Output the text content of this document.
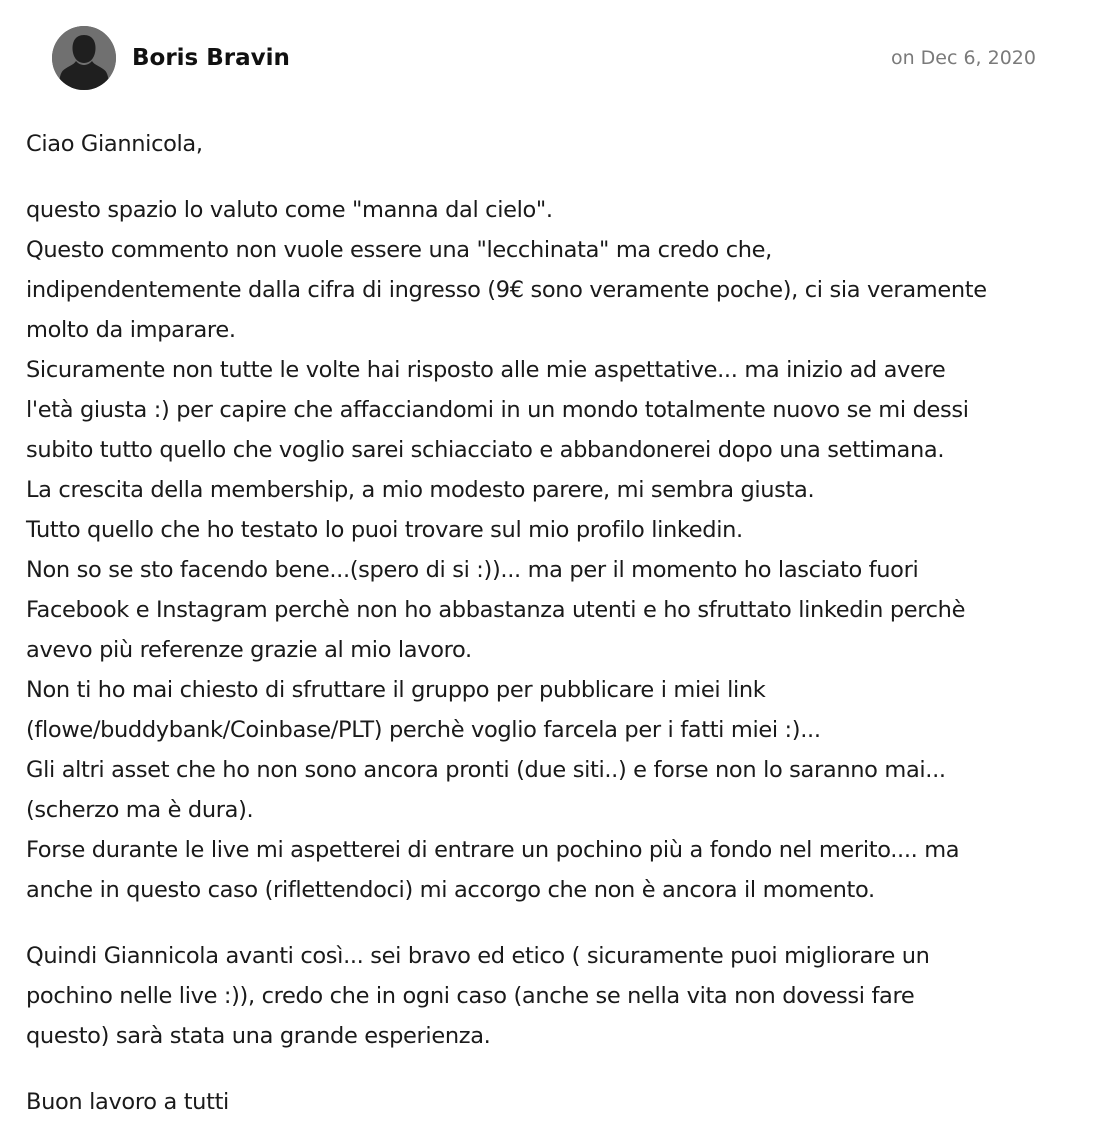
Boris Bravin	on Dec 6, 2020

Ciao Giannicola,

questo spazio lo valuto come "manna dal cielo".
Questo commento non vuole essere una "lecchinata" ma credo che,
indipendentemente dalla cifra di ingresso (9€ sono veramente poche), ci sia veramente
molto da imparare.
Sicuramente non tutte le volte hai risposto alle mie aspettative... ma inizio ad avere
l'età giusta :) per capire che affacciandomi in un mondo totalmente nuovo se mi dessi
subito tutto quello che voglio sarei schiacciato e abbandonerei dopo una settimana.
La crescita della membership, a mio modesto parere, mi sembra giusta.
Tutto quello che ho testato lo puoi trovare sul mio profilo linkedin.
Non so se sto facendo bene...(spero di si :))... ma per il momento ho lasciato fuori
Facebook e Instagram perchè non ho abbastanza utenti e ho sfruttato linkedin perchè
avevo più referenze grazie al mio lavoro.
Non ti ho mai chiesto di sfruttare il gruppo per pubblicare i miei link
(flowe/buddybank/Coinbase/PLT) perchè voglio farcela per i fatti miei :)...
Gli altri asset che ho non sono ancora pronti (due siti..) e forse non lo saranno mai...
(scherzo ma è dura).
Forse durante le live mi aspetterei di entrare un pochino più a fondo nel merito.... ma
anche in questo caso (riflettendoci) mi accorgo che non è ancora il momento.

Quindi Giannicola avanti così... sei bravo ed etico ( sicuramente puoi migliorare un
pochino nelle live :)), credo che in ogni caso (anche se nella vita non dovessi fare
questo) sarà stata una grande esperienza.

Buon lavoro a tutti
